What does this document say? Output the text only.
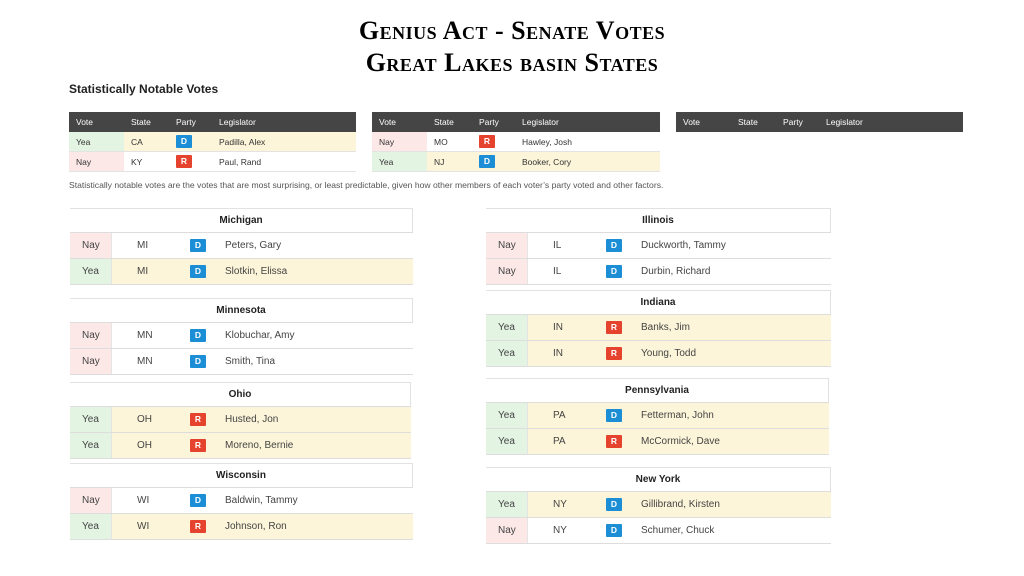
Genius Act - Senate Votes
Great Lakes basin States
Statistically Notable Votes
Vote	State	Party	Legislator
Yea	CA	D	Padilla, Alex
Nay	KY	R	Paul, Rand
Vote	State	Party	Legislator
Nay	MO	R	Hawley, Josh
Yea	NJ	D	Booker, Cory
Vote	State	Party	Legislator
Statistically notable votes are the votes that are most surprising, or least predictable, given how other members of each voter’s party voted and other factors.
Michigan			
Nay	MI	D	Peters, Gary
Yea	MI	D	Slotkin, Elissa
Minnesota			
Nay	MN	D	Klobuchar, Amy
Nay	MN	D	Smith, Tina
Ohio			
Yea	OH	R	Husted, Jon
Yea	OH	R	Moreno, Bernie
Wisconsin			
Nay	WI	D	Baldwin, Tammy
Yea	WI	R	Johnson, Ron
Illinois			
Nay	IL	D	Duckworth, Tammy
Nay	IL	D	Durbin, Richard
Indiana			
Yea	IN	R	Banks, Jim
Yea	IN	R	Young, Todd
Pennsylvania			
Yea	PA	D	Fetterman, John
Yea	PA	R	McCormick, Dave
New York			
Yea	NY	D	Gillibrand, Kirsten
Nay	NY	D	Schumer, Chuck
